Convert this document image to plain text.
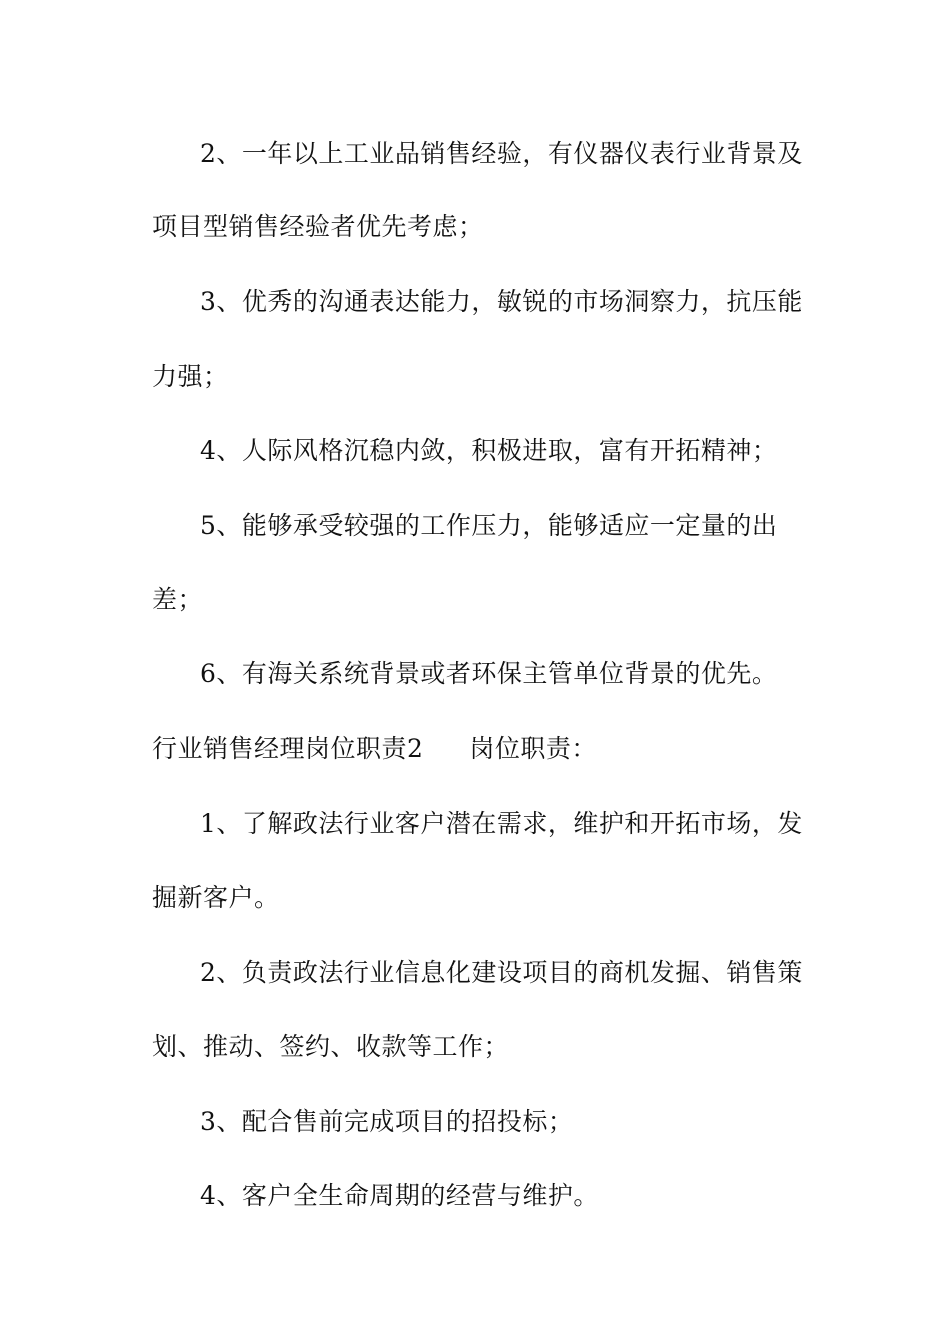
2、一年以上工业品销售经验，有仪器仪表行业背景及
项目型销售经验者优先考虑；
3、优秀的沟通表达能力，敏锐的市场洞察力，抗压能
力强；
4、人际风格沉稳内敛，积极进取，富有开拓精神；
5、能够承受较强的工作压力，能够适应一定量的出
差；
6、有海关系统背景或者环保主管单位背景的优先。
行业销售经理岗位职责2 岗位职责：
1、了解政法行业客户潜在需求，维护和开拓市场，发
掘新客户。
2、负责政法行业信息化建设项目的商机发掘、销售策
划、推动、签约、收款等工作；
3、配合售前完成项目的招投标；
4、客户全生命周期的经营与维护。
